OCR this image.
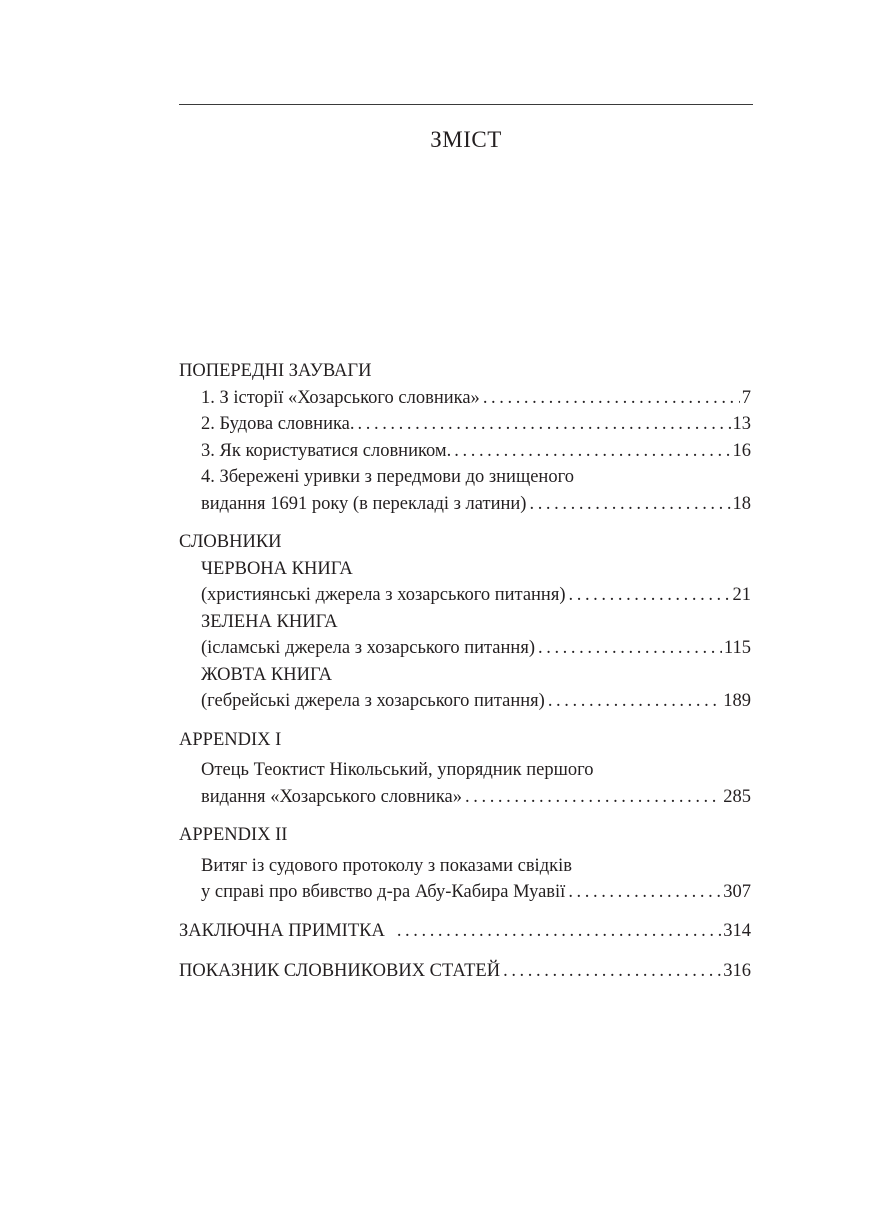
ЗМІСТ
ПОПЕРЕДНІ ЗАУВАГИ
1. З історії «Хозарського словника» .....	7
2. Будова словника. .....	13
3. Як користуватися словником. .....	16
4. Збережені уривки з передмови до знищеного
видання 1691 року (в перекладі з латини) .....	18
СЛОВНИКИ
ЧЕРВОНА КНИГА
(християнські джерела з хозарського питання) .....	21
ЗЕЛЕНА КНИГА
(ісламські джерела з хозарського питання) .....	115
ЖОВТА КНИГА
(гебрейські джерела з хозарського питання) .....	189
APPENDIX I
Отець Теоктист Нікольський, упорядник першого
видання «Хозарського словника» .....	285
APPENDIX II
Витяг із судового протоколу з показами свідків
у справі про вбивство д-ра Абу-Кабира Муавії .....	307
ЗАКЛЮЧНА ПРИМІТКА .....	314
ПОКАЗНИК СЛОВНИКОВИХ СТАТЕЙ .....	316
